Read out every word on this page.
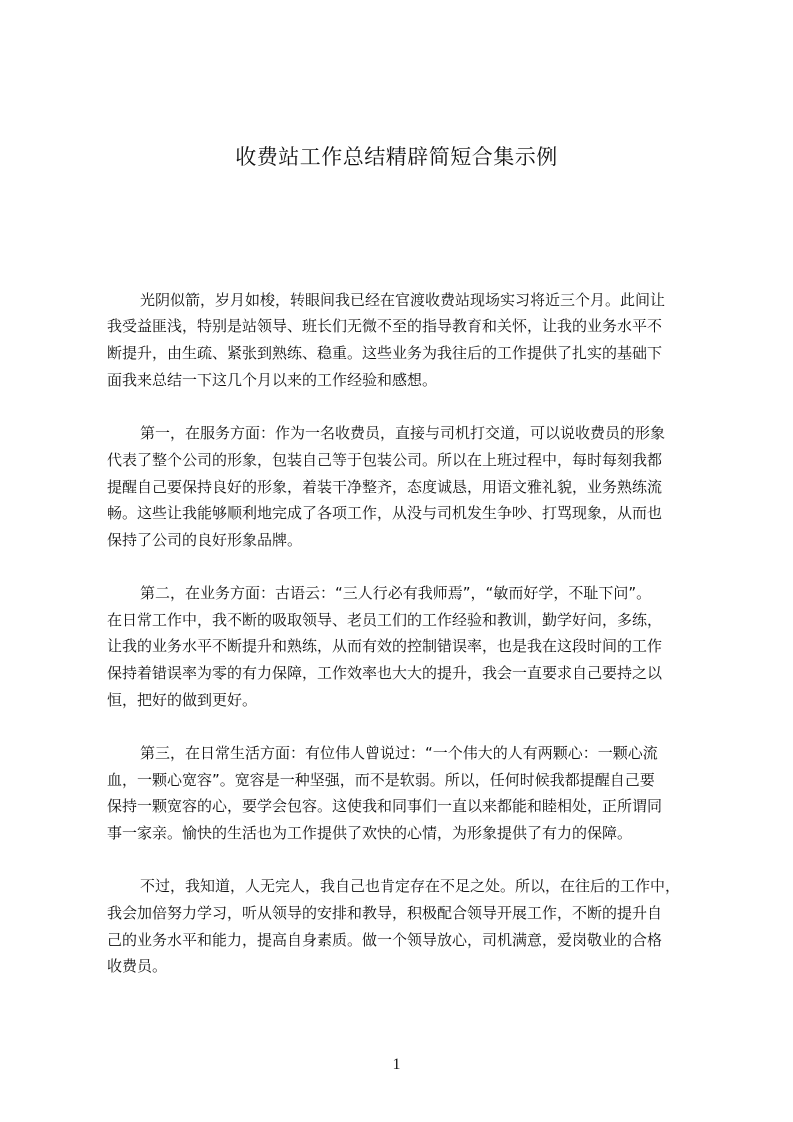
收费站工作总结精辟简短合集示例
光阴似箭，岁月如梭，转眼间我已经在官渡收费站现场实习将近三个月。此间让
我受益匪浅，特别是站领导、班长们无微不至的指导教育和关怀，让我的业务水平不
断提升，由生疏、紧张到熟练、稳重。这些业务为我往后的工作提供了扎实的基础下
面我来总结一下这几个月以来的工作经验和感想。
第一，在服务方面：作为一名收费员，直接与司机打交道，可以说收费员的形象
代表了整个公司的形象，包装自己等于包装公司。所以在上班过程中，每时每刻我都
提醒自己要保持良好的形象，着装干净整齐，态度诚恳，用语文雅礼貌，业务熟练流
畅。这些让我能够顺利地完成了各项工作，从没与司机发生争吵、打骂现象，从而也
保持了公司的良好形象品牌。
第二，在业务方面：古语云：“三人行必有我师焉”，“敏而好学，不耻下问”。
在日常工作中，我不断的吸取领导、老员工们的工作经验和教训，勤学好问，多练，
让我的业务水平不断提升和熟练，从而有效的控制错误率，也是我在这段时间的工作
保持着错误率为零的有力保障，工作效率也大大的提升，我会一直要求自己要持之以
恒，把好的做到更好。
第三，在日常生活方面：有位伟人曾说过：“一个伟大的人有两颗心：一颗心流
血，一颗心宽容”。宽容是一种坚强，而不是软弱。所以，任何时候我都提醒自己要
保持一颗宽容的心，要学会包容。这使我和同事们一直以来都能和睦相处，正所谓同
事一家亲。愉快的生活也为工作提供了欢快的心情，为形象提供了有力的保障。
不过，我知道，人无完人，我自己也肯定存在不足之处。所以，在往后的工作中，
我会加倍努力学习，听从领导的安排和教导，积极配合领导开展工作，不断的提升自
己的业务水平和能力，提高自身素质。做一个领导放心，司机满意，爱岗敬业的合格
收费员。
1
